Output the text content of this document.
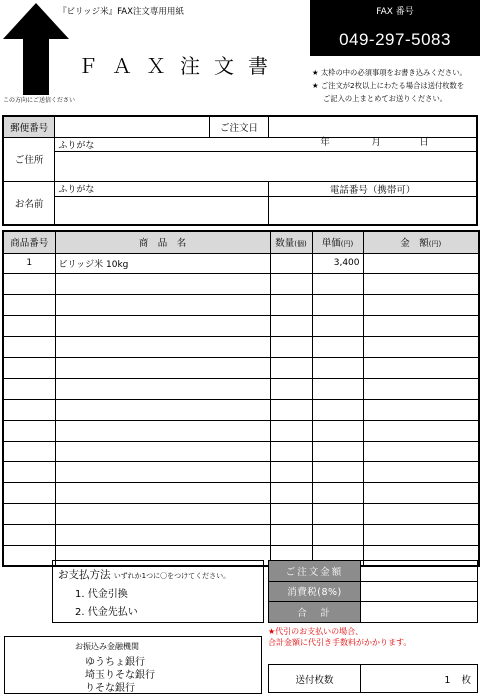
『ビリッジ米』FAX注文専用用紙
この方向にご送信ください
ＦＡＸ注文書
FAX 番号
049-297-5083
★ 太枠の中の必須事項をお書き込みください。
★ ご注文が2枚以上にわたる場合は送付枚数を
ご記入の上まとめてお送りください。
郵便番号		ご注文日	年 月 日

ご住所	ふりがな		

お名前	ふりがな		電話番号（携帯可）

商品番号	商　品　名	数量(個)	単価(円)	金　額(円)
1	ビリッジ米 10kg		3,400	

お支払方法 いずれか1つに〇をつけてください。
1. 代金引換
2. 代金先払い
ご注文金額	
消費税(8%)	
合　計	
★代引のお支払いの場合、
合計金額に代引き手数料がかかります。
お振込み金融機関
ゆうちょ銀行
埼玉りそな銀行
りそな銀行
送付枚数	1 枚
